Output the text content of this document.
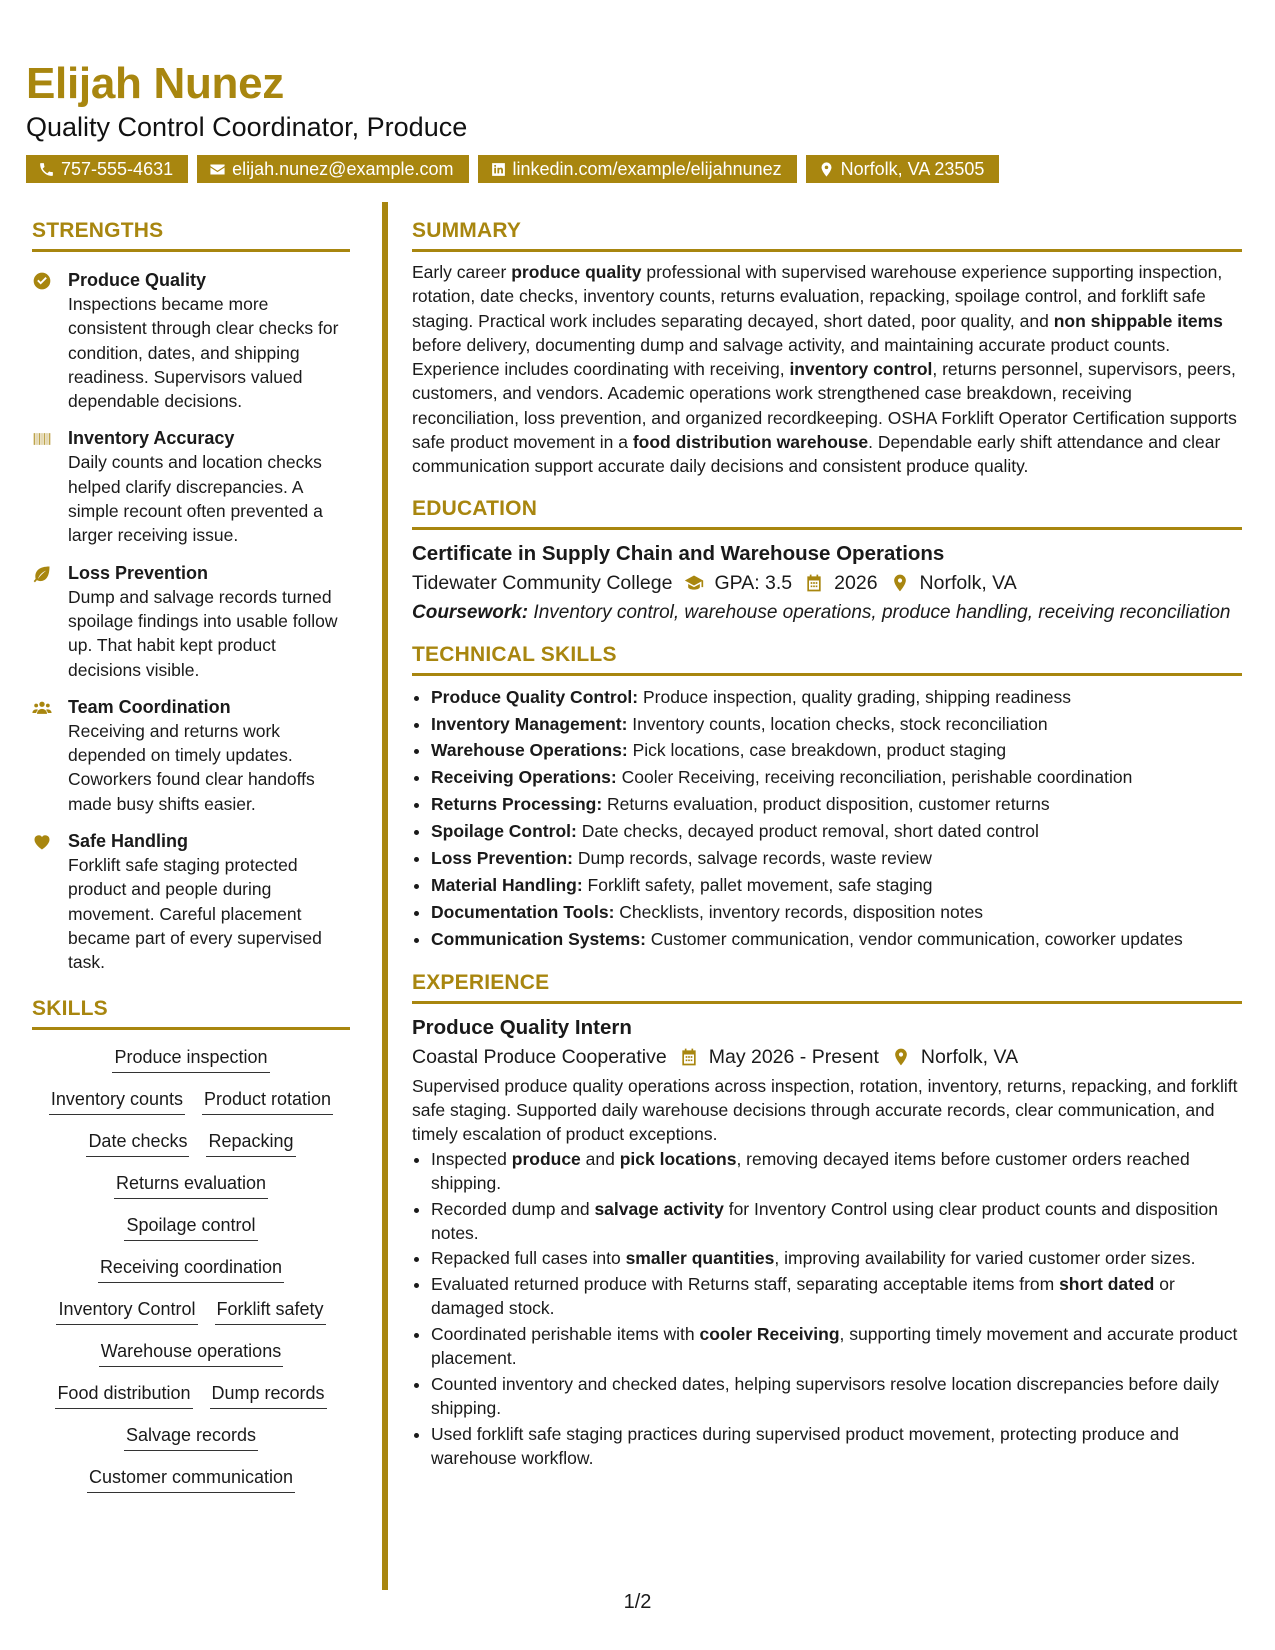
Elijah Nunez
Quality Control Coordinator, Produce
757-555-4631	elijah.nunez@example.com	linkedin.com/example/elijahnunez	Norfolk, VA 23505
STRENGTHS
Produce Quality
Inspections became more consistent through clear checks for condition, dates, and shipping readiness. Supervisors valued dependable decisions.
Inventory Accuracy
Daily counts and location checks helped clarify discrepancies. A simple recount often prevented a larger receiving issue.
Loss Prevention
Dump and salvage records turned spoilage findings into usable follow up. That habit kept product decisions visible.
Team Coordination
Receiving and returns work depended on timely updates. Coworkers found clear handoffs made busy shifts easier.
Safe Handling
Forklift safe staging protected product and people during movement. Careful placement became part of every supervised task.
SKILLS
Produce inspection
Inventory counts Product rotation
Date checks Repacking
Returns evaluation
Spoilage control
Receiving coordination
Inventory Control Forklift safety
Warehouse operations
Food distribution Dump records
Salvage records
Customer communication
SUMMARY
Early career produce quality professional with supervised warehouse experience supporting inspection, rotation, date checks, inventory counts, returns evaluation, repacking, spoilage control, and forklift safe staging. Practical work includes separating decayed, short dated, poor quality, and non shippable items before delivery, documenting dump and salvage activity, and maintaining accurate product counts. Experience includes coordinating with receiving, inventory control, returns personnel, supervisors, peers, customers, and vendors. Academic operations work strengthened case breakdown, receiving reconciliation, loss prevention, and organized recordkeeping. OSHA Forklift Operator Certification supports safe product movement in a food distribution warehouse. Dependable early shift attendance and clear communication support accurate daily decisions and consistent produce quality.
EDUCATION
Certificate in Supply Chain and Warehouse Operations
Tidewater Community College GPA: 3.5 2026 Norfolk, VA
Coursework: Inventory control, warehouse operations, produce handling, receiving reconciliation
TECHNICAL SKILLS
• Produce Quality Control: Produce inspection, quality grading, shipping readiness
• Inventory Management: Inventory counts, location checks, stock reconciliation
• Warehouse Operations: Pick locations, case breakdown, product staging
• Receiving Operations: Cooler Receiving, receiving reconciliation, perishable coordination
• Returns Processing: Returns evaluation, product disposition, customer returns
• Spoilage Control: Date checks, decayed product removal, short dated control
• Loss Prevention: Dump records, salvage records, waste review
• Material Handling: Forklift safety, pallet movement, safe staging
• Documentation Tools: Checklists, inventory records, disposition notes
• Communication Systems: Customer communication, vendor communication, coworker updates
EXPERIENCE
Produce Quality Intern
Coastal Produce Cooperative May 2026 - Present Norfolk, VA
Supervised produce quality operations across inspection, rotation, inventory, returns, repacking, and forklift safe staging. Supported daily warehouse decisions through accurate records, clear communication, and timely escalation of product exceptions.
• Inspected produce and pick locations, removing decayed items before customer orders reached shipping.
• Recorded dump and salvage activity for Inventory Control using clear product counts and disposition notes.
• Repacked full cases into smaller quantities, improving availability for varied customer order sizes.
• Evaluated returned produce with Returns staff, separating acceptable items from short dated or damaged stock.
• Coordinated perishable items with cooler Receiving, supporting timely movement and accurate product placement.
• Counted inventory and checked dates, helping supervisors resolve location discrepancies before daily shipping.
• Used forklift safe staging practices during supervised product movement, protecting produce and warehouse workflow.
1/2
